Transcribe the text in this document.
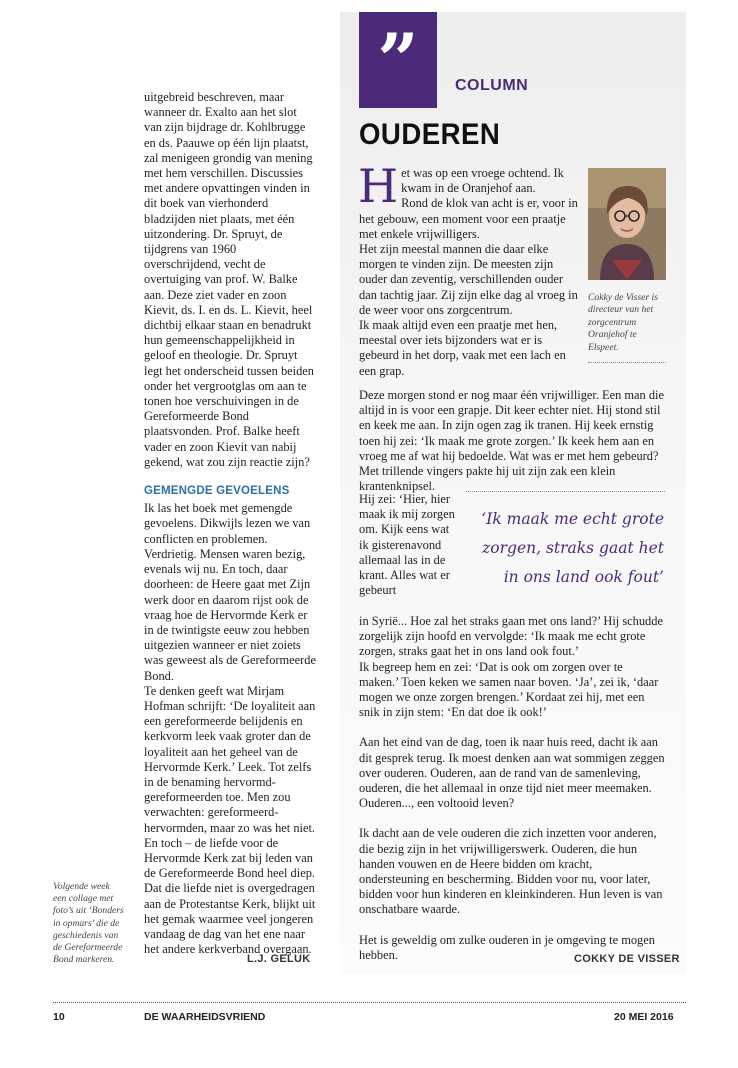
uitgebreid beschreven, maar wanneer dr. Exalto aan het slot van zijn bijdrage dr. Kohlbrugge en ds. Paauwe op één lijn plaatst, zal menigeen grondig van mening met hem verschillen. Discussies met andere opvattingen vinden in dit boek van vierhonderd bladzijden niet plaats, met één uitzondering. Dr. Spruyt, de tijdgrens van 1960 overschrijdend, vecht de overtuiging van prof. W. Balke aan. Deze ziet vader en zoon Kievit, ds. I. en ds. L. Kievit, heel dichtbij elkaar staan en benadrukt hun gemeenschappelijkheid in geloof en theologie. Dr. Spruyt legt het onderscheid tussen beiden onder het vergrootglas om aan te tonen hoe verschuivingen in de Gereformeerde Bond plaatsvonden. Prof. Balke heeft vader en zoon Kievit van nabij gekend, wat zou zijn reactie zijn?

GEMENGDE GEVOELENS

Ik las het boek met gemengde gevoelens. Dikwijls lezen we van conflicten en problemen. Verdrietig. Mensen waren bezig, evenals wij nu. En toch, daar doorheen: de Heere gaat met Zijn werk door en daarom rijst ook de vraag hoe de Hervormde Kerk er in de twintigste eeuw zou hebben uitgezien wanneer er niet zoiets was geweest als de Gereformeerde Bond.

Te denken geeft wat Mirjam Hofman schrijft: ‘De loyaliteit aan een gereformeerde belijdenis en kerkvorm leek vaak groter dan de loyaliteit aan het geheel van de Hervormde Kerk.’ Leek. Tot zelfs in de benaming hervormd-gereformeerden toe. Men zou verwachten: gereformeerd-hervormden, maar zo was het niet. En toch – de liefde voor de Hervormde Kerk zat bij leden van de Gereformeerde Bond heel diep. Dat die liefde niet is overgedragen aan de Protestantse Kerk, blijkt uit het gemak waarmee veel jongeren vandaag de dag van het ene naar het andere kerkverband overgaan.

Volgende week een collage met foto’s uit ‘Bonders in opmars’ die de geschiedenis van de Gereformeerde Bond markeren.	L.J. GELUK
”	COLUMN
OUDEREN

Het was op een vroege ochtend. Ik kwam in de Oranjehof aan.

Rond de klok van acht is er, voor in het gebouw, een moment voor een praatje met enkele vrijwilligers.

Het zijn meestal mannen die daar elke morgen te vinden zijn. De meesten zijn ouder dan zeventig, verschillenden ouder dan tachtig jaar. Zij zijn elke dag al vroeg in de weer voor ons zorgcentrum.

Ik maak altijd even een praatje met hen, meestal over iets bijzonders wat er is gebeurd in het dorp, vaak met een lach en een grap.

Cokky de Visser is directeur van het zorgcentrum Oranjehof te Elspeet.

Deze morgen stond er nog maar één vrijwilliger. Een man die altijd in is voor een grapje. Dit keer echter niet. Hij stond stil en keek me aan. In zijn ogen zag ik tranen. Hij keek ernstig toen hij zei: ‘Ik maak me grote zorgen.’ Ik keek hem aan en vroeg me af wat hij bedoelde. Wat was er met hem gebeurd? Met trillende vingers pakte hij uit zijn zak een klein krantenknipsel.

Hij zei: ‘Hier, hier maak ik mij zorgen om. Kijk eens wat ik gisterenavond allemaal las in de krant. Alles wat er gebeurt

‘Ik maak me echt grote zorgen, straks gaat het in ons land ook fout’

in Syrië... Hoe zal het straks gaan met ons land?’ Hij schudde zorgelijk zijn hoofd en vervolgde: ‘Ik maak me echt grote zorgen, straks gaat het in ons land ook fout.’

Ik begreep hem en zei: ‘Dat is ook om zorgen over te maken.’ Toen keken we samen naar boven. ‘Ja’, zei ik, ‘daar mogen we onze zorgen brengen.’ Kordaat zei hij, met een snik in zijn stem: ‘En dat doe ik ook!’

Aan het eind van de dag, toen ik naar huis reed, dacht ik aan dit gesprek terug. Ik moest denken aan wat sommigen zeggen over ouderen. Ouderen, aan de rand van de samenleving, ouderen, die het allemaal in onze tijd niet meer meemaken. Ouderen..., een voltooid leven?

Ik dacht aan de vele ouderen die zich inzetten voor anderen, die bezig zijn in het vrijwilligerswerk. Ouderen, die hun handen vouwen en de Heere bidden om kracht, ondersteuning en bescherming. Bidden voor nu, voor later, bidden voor hun kinderen en kleinkinderen. Hun leven is van onschatbare waarde.

Het is geweldig om zulke ouderen in je omgeving te mogen hebben.	COKKY DE VISSER
10	DE WAARHEIDSVRIEND	20 MEI 2016
